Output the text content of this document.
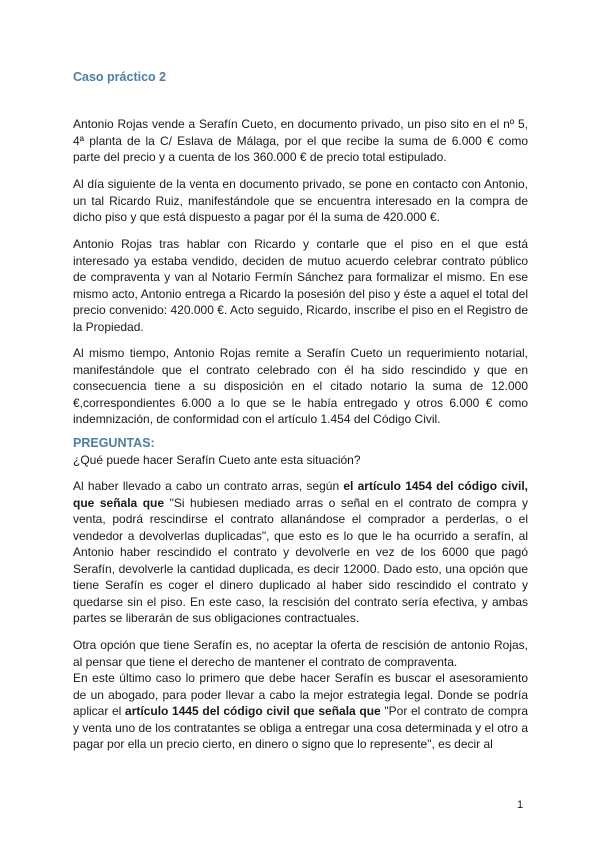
Caso práctico 2

Antonio Rojas vende a Serafín Cueto, en documento privado, un piso sito en el nº 5, 4ª planta de la C/ Eslava de Málaga, por el que recibe la suma de 6.000 € como parte del precio y a cuenta de los 360.000 € de precio total estipulado.

Al día siguiente de la venta en documento privado, se pone en contacto con Antonio, un tal Ricardo Ruiz, manifestándole que se encuentra interesado en la compra de dicho piso y que está dispuesto a pagar por él la suma de 420.000 €.

Antonio Rojas tras hablar con Ricardo y contarle que el piso en el que está interesado ya estaba vendido, deciden de mutuo acuerdo celebrar contrato público de compraventa y van al Notario Fermín Sánchez para formalizar el mismo. En ese mismo acto, Antonio entrega a Ricardo la posesión del piso y éste a aquel el total del precio convenido: 420.000 €. Acto seguido, Ricardo, inscribe el piso en el Registro de la Propiedad.

Al mismo tiempo, Antonio Rojas remite a Serafín Cueto un requerimiento notarial, manifestándole que el contrato celebrado con él ha sido rescindido y que en consecuencia tiene a su disposición en el citado notario la suma de 12.000 €,correspondientes 6.000 a lo que se le había entregado y otros 6.000 € como indemnización, de conformidad con el artículo 1.454 del Código Civil.

PREGUNTAS:
¿Qué puede hacer Serafín Cueto ante esta situación?

Al haber llevado a cabo un contrato arras, según el artículo 1454 del código civil, que señala que "Si hubiesen mediado arras o señal en el contrato de compra y venta, podrá rescindirse el contrato allanándose el comprador a perderlas, o el vendedor a devolverlas duplicadas", que esto es lo que le ha ocurrido a serafín, al Antonio haber rescindido el contrato y devolverle en vez de los 6000 que pagó Serafín, devolverle la cantidad duplicada, es decir 12000. Dado esto, una opción que tiene Serafín es coger el dinero duplicado al haber sido rescindido el contrato y quedarse sin el piso. En este caso, la rescisión del contrato sería efectiva, y ambas partes se liberarán de sus obligaciones contractuales.

Otra opción que tiene Serafín es, no aceptar la oferta de rescisión de antonio Rojas, al pensar que tiene el derecho de mantener el contrato de compraventa.

En este último caso lo primero que debe hacer Serafín es buscar el asesoramiento de un abogado, para poder llevar a cabo la mejor estrategia legal. Donde se podría aplicar el artículo 1445 del código civil que señala que "Por el contrato de compra y venta uno de los contratantes se obliga a entregar una cosa determinada y el otro a pagar por ella un precio cierto, en dinero o signo que lo represente", es decir al

1
